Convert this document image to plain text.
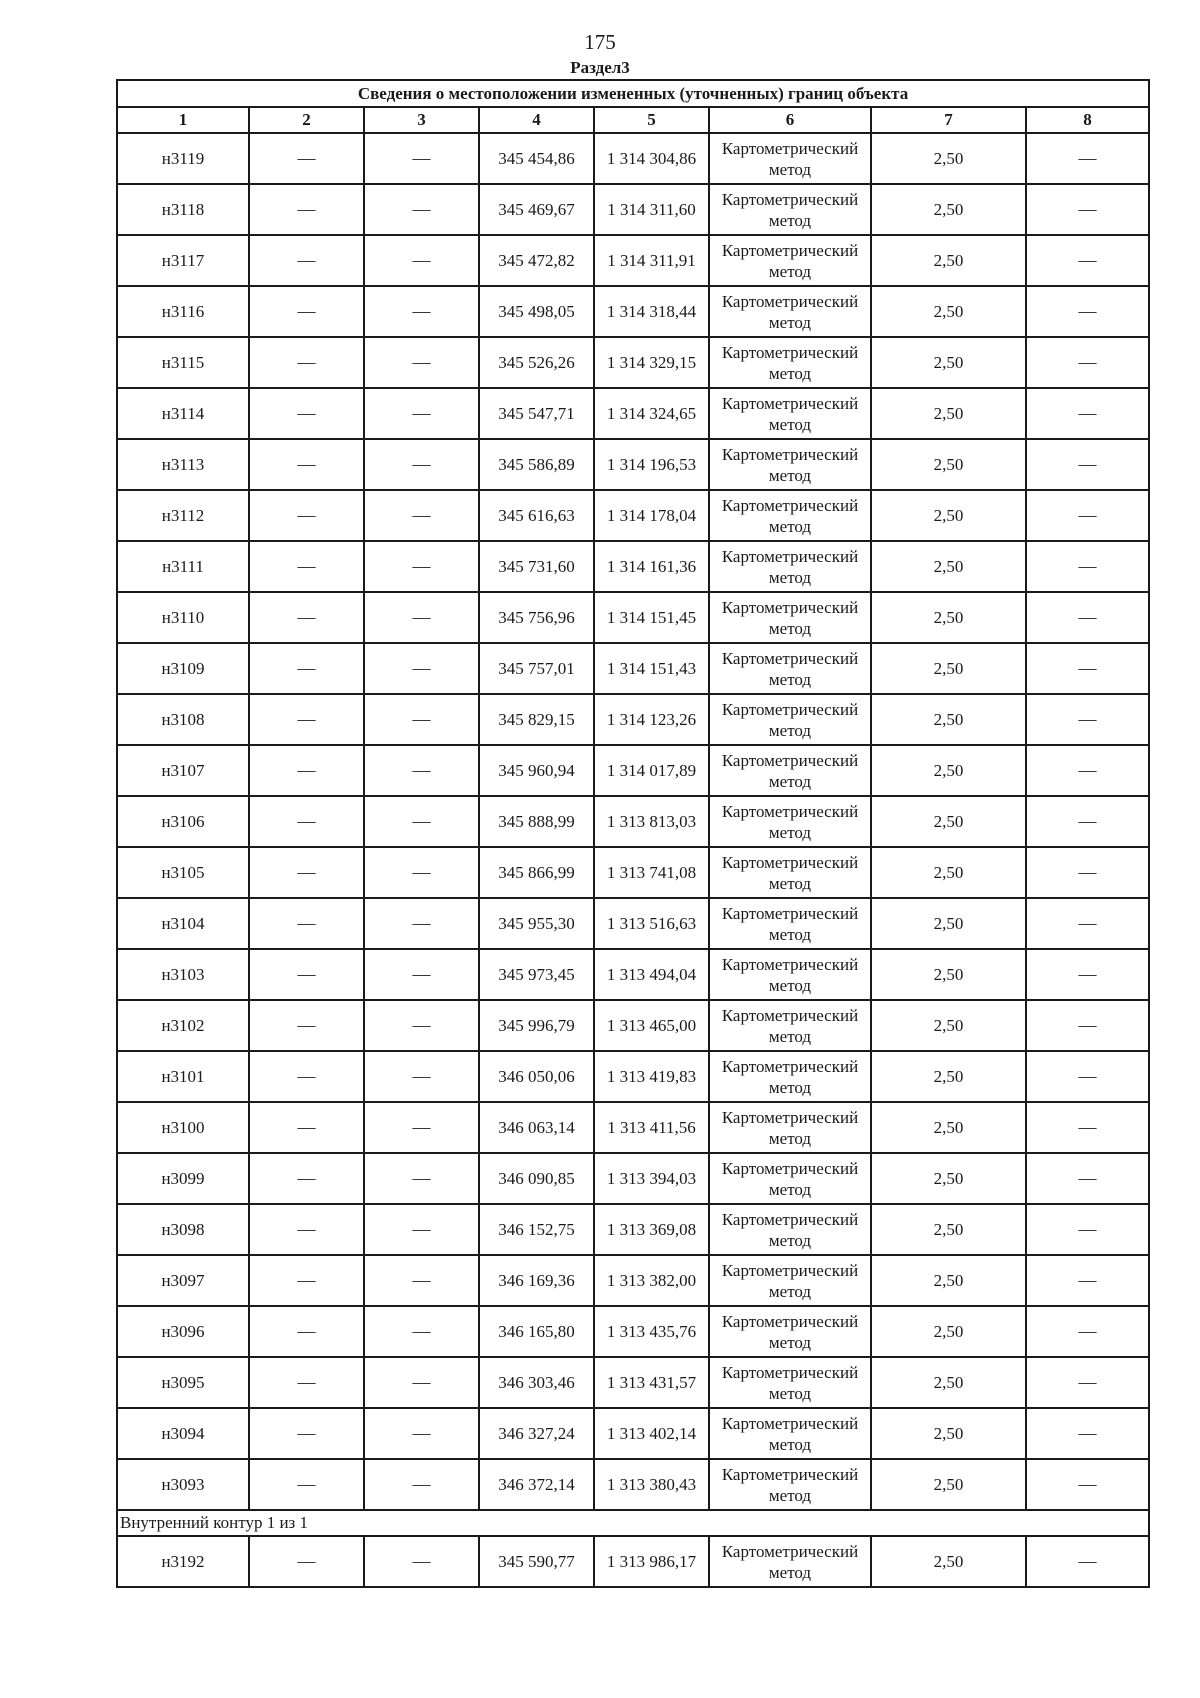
175
Раздел3
Сведения о местоположении измененных (уточненных) границ объекта							
1	2	3	4	5	6	7	8
н3119	—	—	345 454,86	1 314 304,86	Картометрический метод	2,50	—
н3118	—	—	345 469,67	1 314 311,60	Картометрический метод	2,50	—
н3117	—	—	345 472,82	1 314 311,91	Картометрический метод	2,50	—
н3116	—	—	345 498,05	1 314 318,44	Картометрический метод	2,50	—
н3115	—	—	345 526,26	1 314 329,15	Картометрический метод	2,50	—
н3114	—	—	345 547,71	1 314 324,65	Картометрический метод	2,50	—
н3113	—	—	345 586,89	1 314 196,53	Картометрический метод	2,50	—
н3112	—	—	345 616,63	1 314 178,04	Картометрический метод	2,50	—
н3111	—	—	345 731,60	1 314 161,36	Картометрический метод	2,50	—
н3110	—	—	345 756,96	1 314 151,45	Картометрический метод	2,50	—
н3109	—	—	345 757,01	1 314 151,43	Картометрический метод	2,50	—
н3108	—	—	345 829,15	1 314 123,26	Картометрический метод	2,50	—
н3107	—	—	345 960,94	1 314 017,89	Картометрический метод	2,50	—
н3106	—	—	345 888,99	1 313 813,03	Картометрический метод	2,50	—
н3105	—	—	345 866,99	1 313 741,08	Картометрический метод	2,50	—
н3104	—	—	345 955,30	1 313 516,63	Картометрический метод	2,50	—
н3103	—	—	345 973,45	1 313 494,04	Картометрический метод	2,50	—
н3102	—	—	345 996,79	1 313 465,00	Картометрический метод	2,50	—
н3101	—	—	346 050,06	1 313 419,83	Картометрический метод	2,50	—
н3100	—	—	346 063,14	1 313 411,56	Картометрический метод	2,50	—
н3099	—	—	346 090,85	1 313 394,03	Картометрический метод	2,50	—
н3098	—	—	346 152,75	1 313 369,08	Картометрический метод	2,50	—
н3097	—	—	346 169,36	1 313 382,00	Картометрический метод	2,50	—
н3096	—	—	346 165,80	1 313 435,76	Картометрический метод	2,50	—
н3095	—	—	346 303,46	1 313 431,57	Картометрический метод	2,50	—
н3094	—	—	346 327,24	1 313 402,14	Картометрический метод	2,50	—
н3093	—	—	346 372,14	1 313 380,43	Картометрический метод	2,50	—
Внутренний контур 1 из 1							
н3192	—	—	345 590,77	1 313 986,17	Картометрический метод	2,50	—
